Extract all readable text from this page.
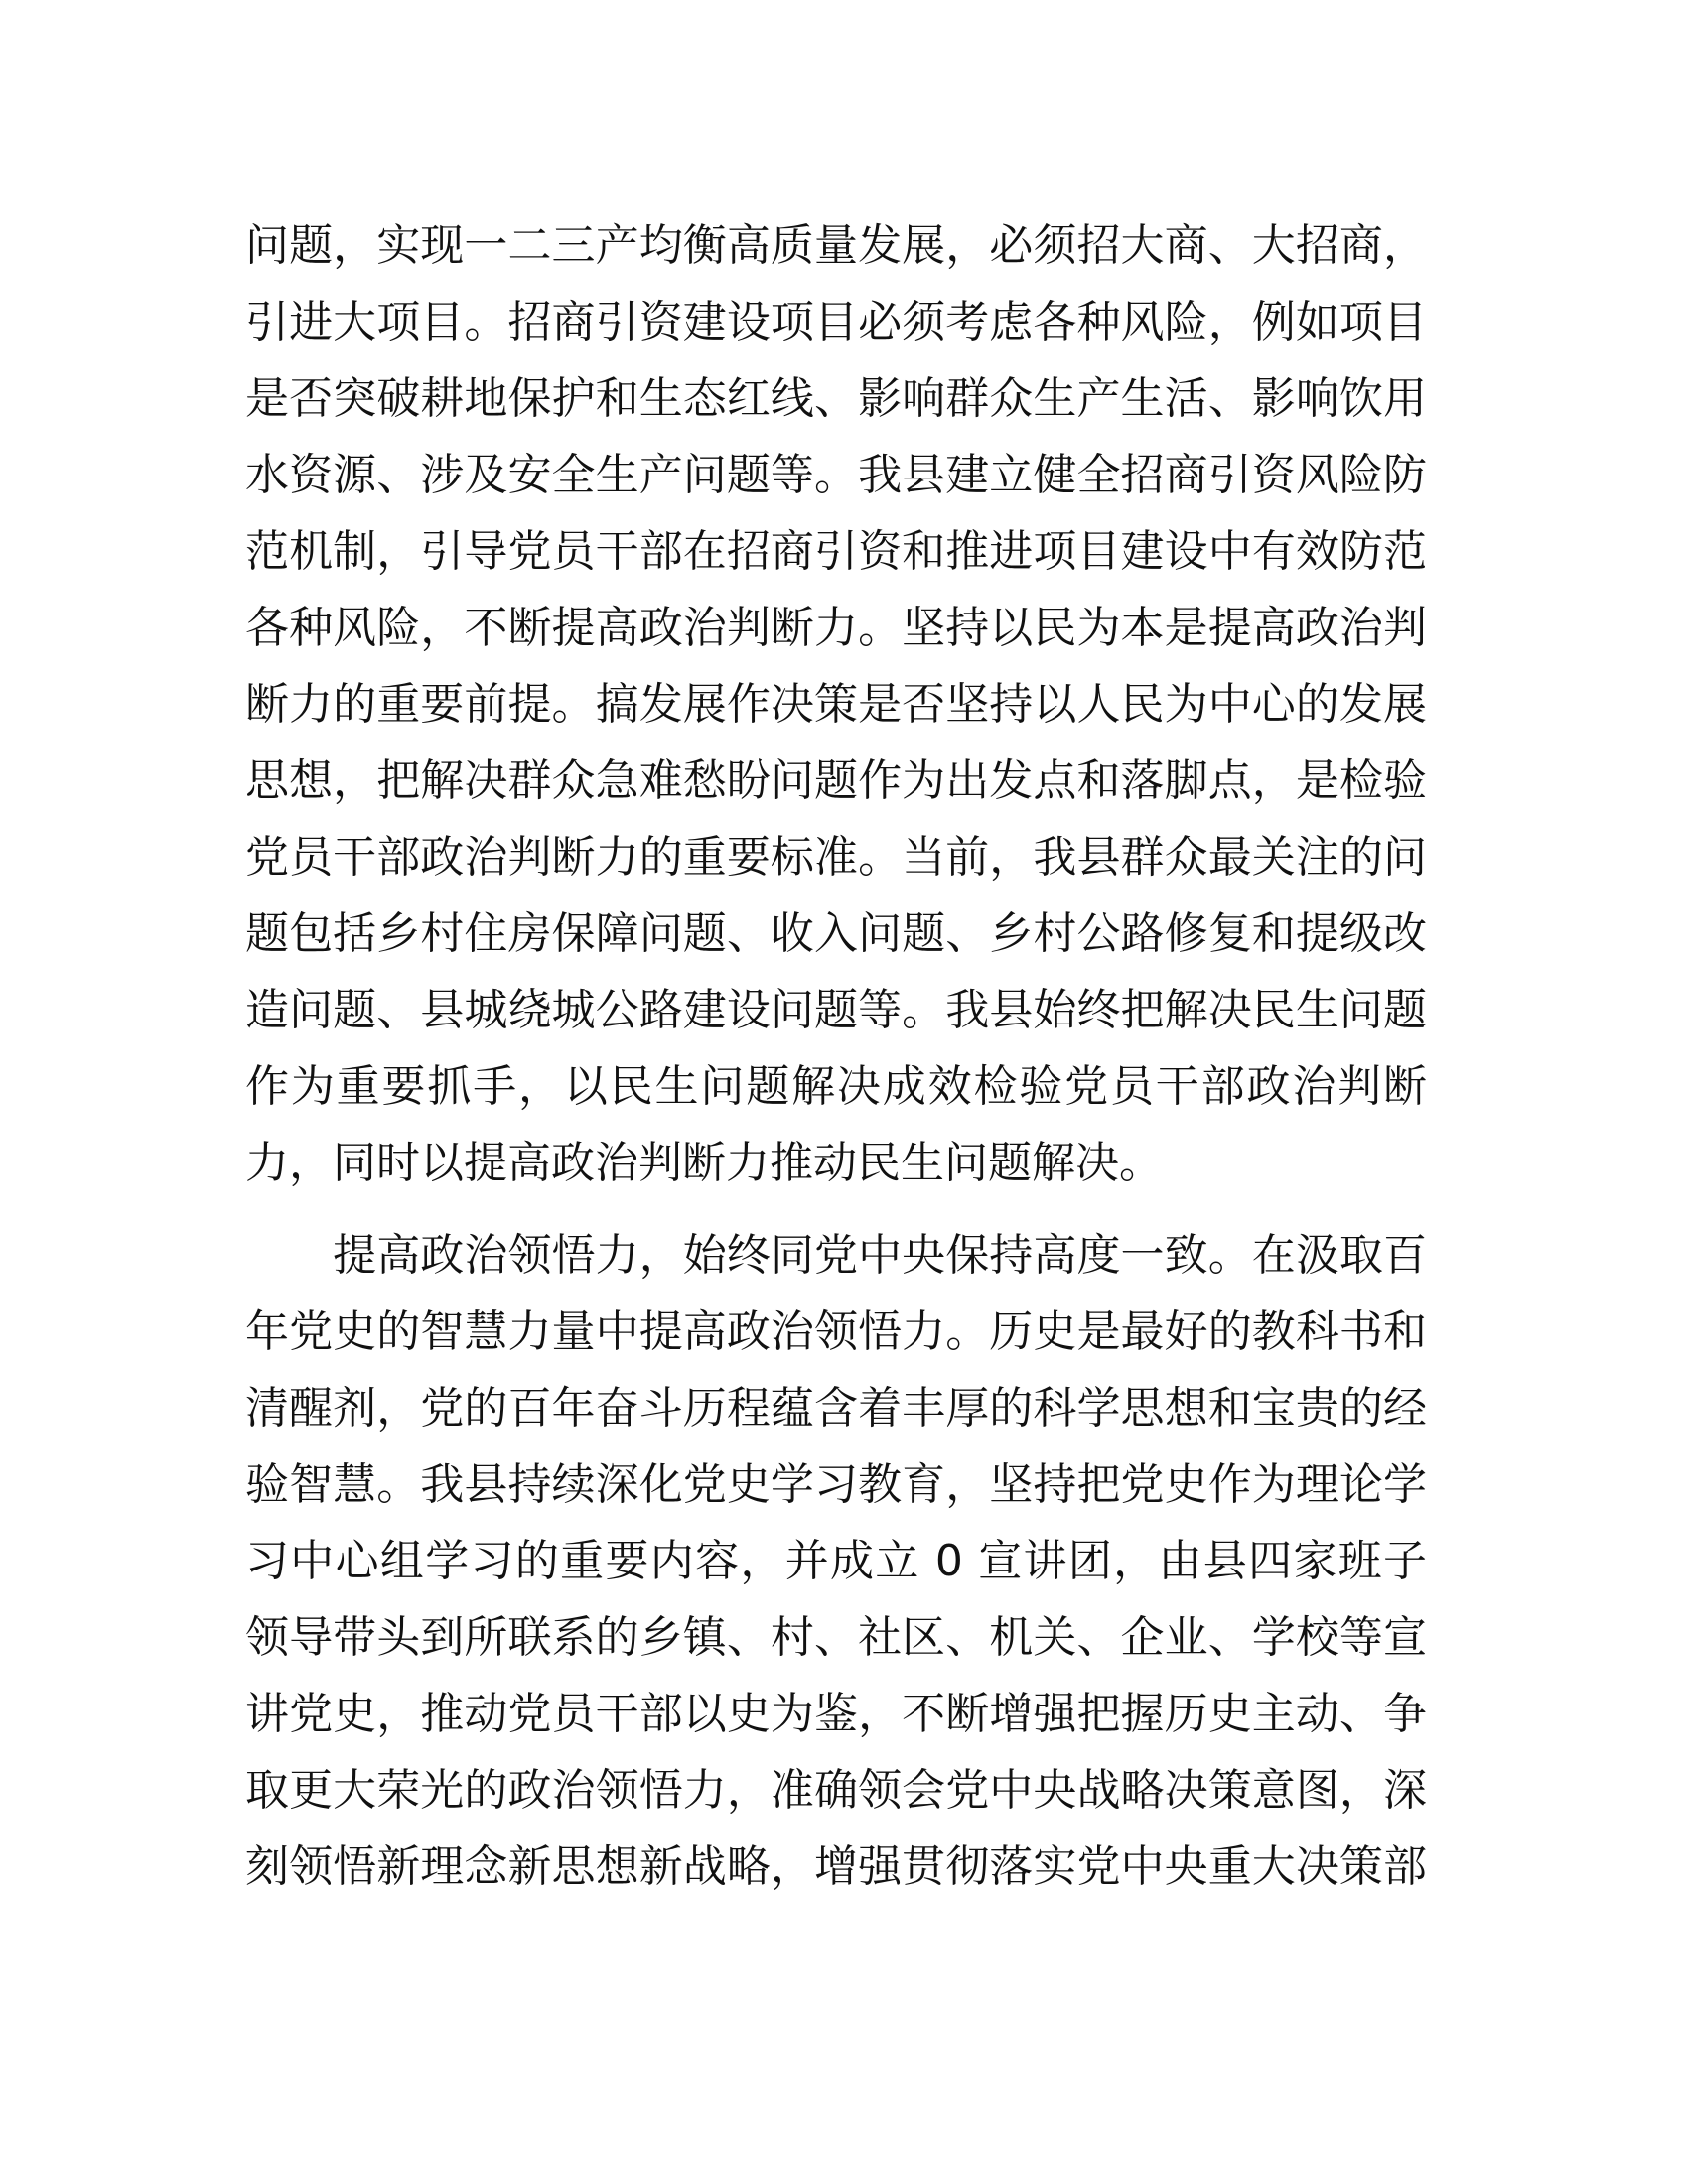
问题，实现一二三产均衡高质量发展，必须招大商、大招商，
引进大项目。招商引资建设项目必须考虑各种风险，例如项目
是否突破耕地保护和生态红线、影响群众生产生活、影响饮用
水资源、涉及安全生产问题等。我县建立健全招商引资风险防
范机制，引导党员干部在招商引资和推进项目建设中有效防范
各种风险，不断提高政治判断力。坚持以民为本是提高政治判
断力的重要前提。搞发展作决策是否坚持以人民为中心的发展
思想，把解决群众急难愁盼问题作为出发点和落脚点，是检验
党员干部政治判断力的重要标准。当前，我县群众最关注的问
题包括乡村住房保障问题、收入问题、乡村公路修复和提级改
造问题、县城绕城公路建设问题等。我县始终把解决民生问题
作为重要抓手，以民生问题解决成效检验党员干部政治判断
力，同时以提高政治判断力推动民生问题解决。
　　提高政治领悟力，始终同党中央保持高度一致。在汲取百
年党史的智慧力量中提高政治领悟力。历史是最好的教科书和
清醒剂，党的百年奋斗历程蕴含着丰厚的科学思想和宝贵的经
验智慧。我县持续深化党史学习教育，坚持把党史作为理论学
习中心组学习的重要内容，并成立 0 宣讲团，由县四家班子
领导带头到所联系的乡镇、村、社区、机关、企业、学校等宣
讲党史，推动党员干部以史为鉴，不断增强把握历史主动、争
取更大荣光的政治领悟力，准确领会党中央战略决策意图，深
刻领悟新理念新思想新战略，增强贯彻落实党中央重大决策部
